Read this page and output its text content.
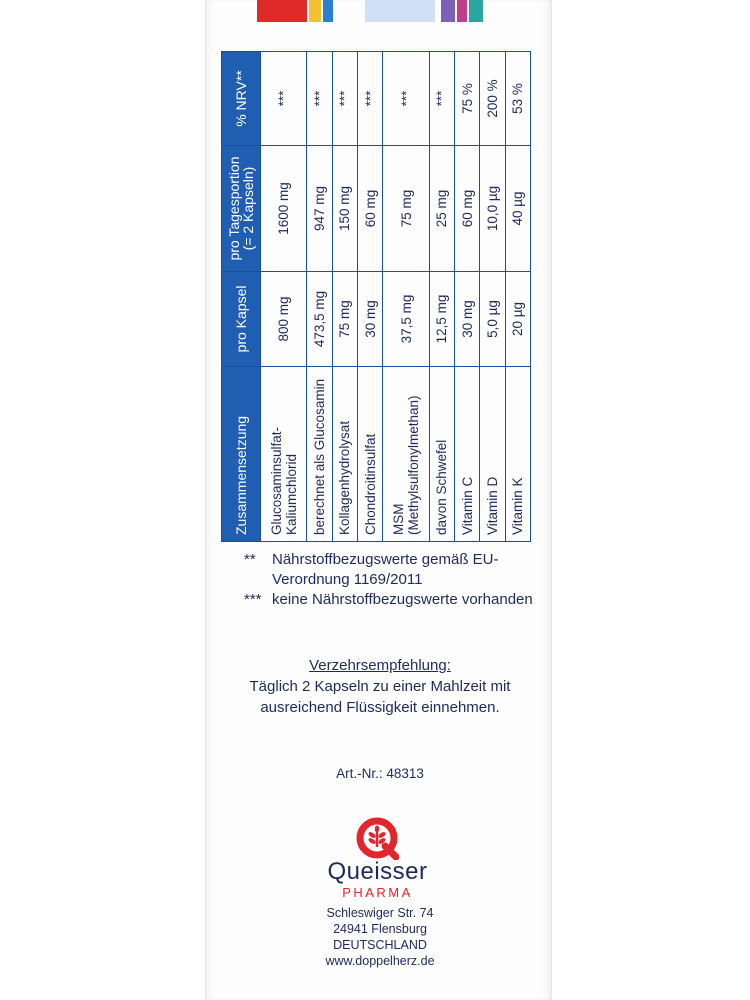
Zusammensetzung	pro Kapsel	pro Tagesportion (= 2 Kapseln)	% NRV**
Glucosaminsulfat-Kaliumchlorid	800 mg	1600 mg	***
berechnet als Glucosamin	473,5 mg	947 mg	***
Kollagenhydrolysat	75 mg	150 mg	***
Chondroitinsulfat	30 mg	60 mg	***
MSM (Methylsulfonylmethan)	37,5 mg	75 mg	***
davon Schwefel	12,5 mg	25 mg	***
Vitamin C	30 mg	60 mg	75 %
Vitamin D	5,0 µg	10,0 µg	200 %
Vitamin K	20 µg	40 µg	53 %
**	Nährstoffbezugswerte gemäß EU-Verordnung 1169/2011
*** keine Nährstoffbezugswerte vorhanden
Verzehrsempfehlung:
Täglich 2 Kapseln zu einer Mahlzeit mit ausreichend Flüssigkeit einnehmen.
Art.-Nr.: 48313
Queisser
PHARMA
Schleswiger Str. 74
24941 Flensburg
DEUTSCHLAND
www.doppelherz.de
